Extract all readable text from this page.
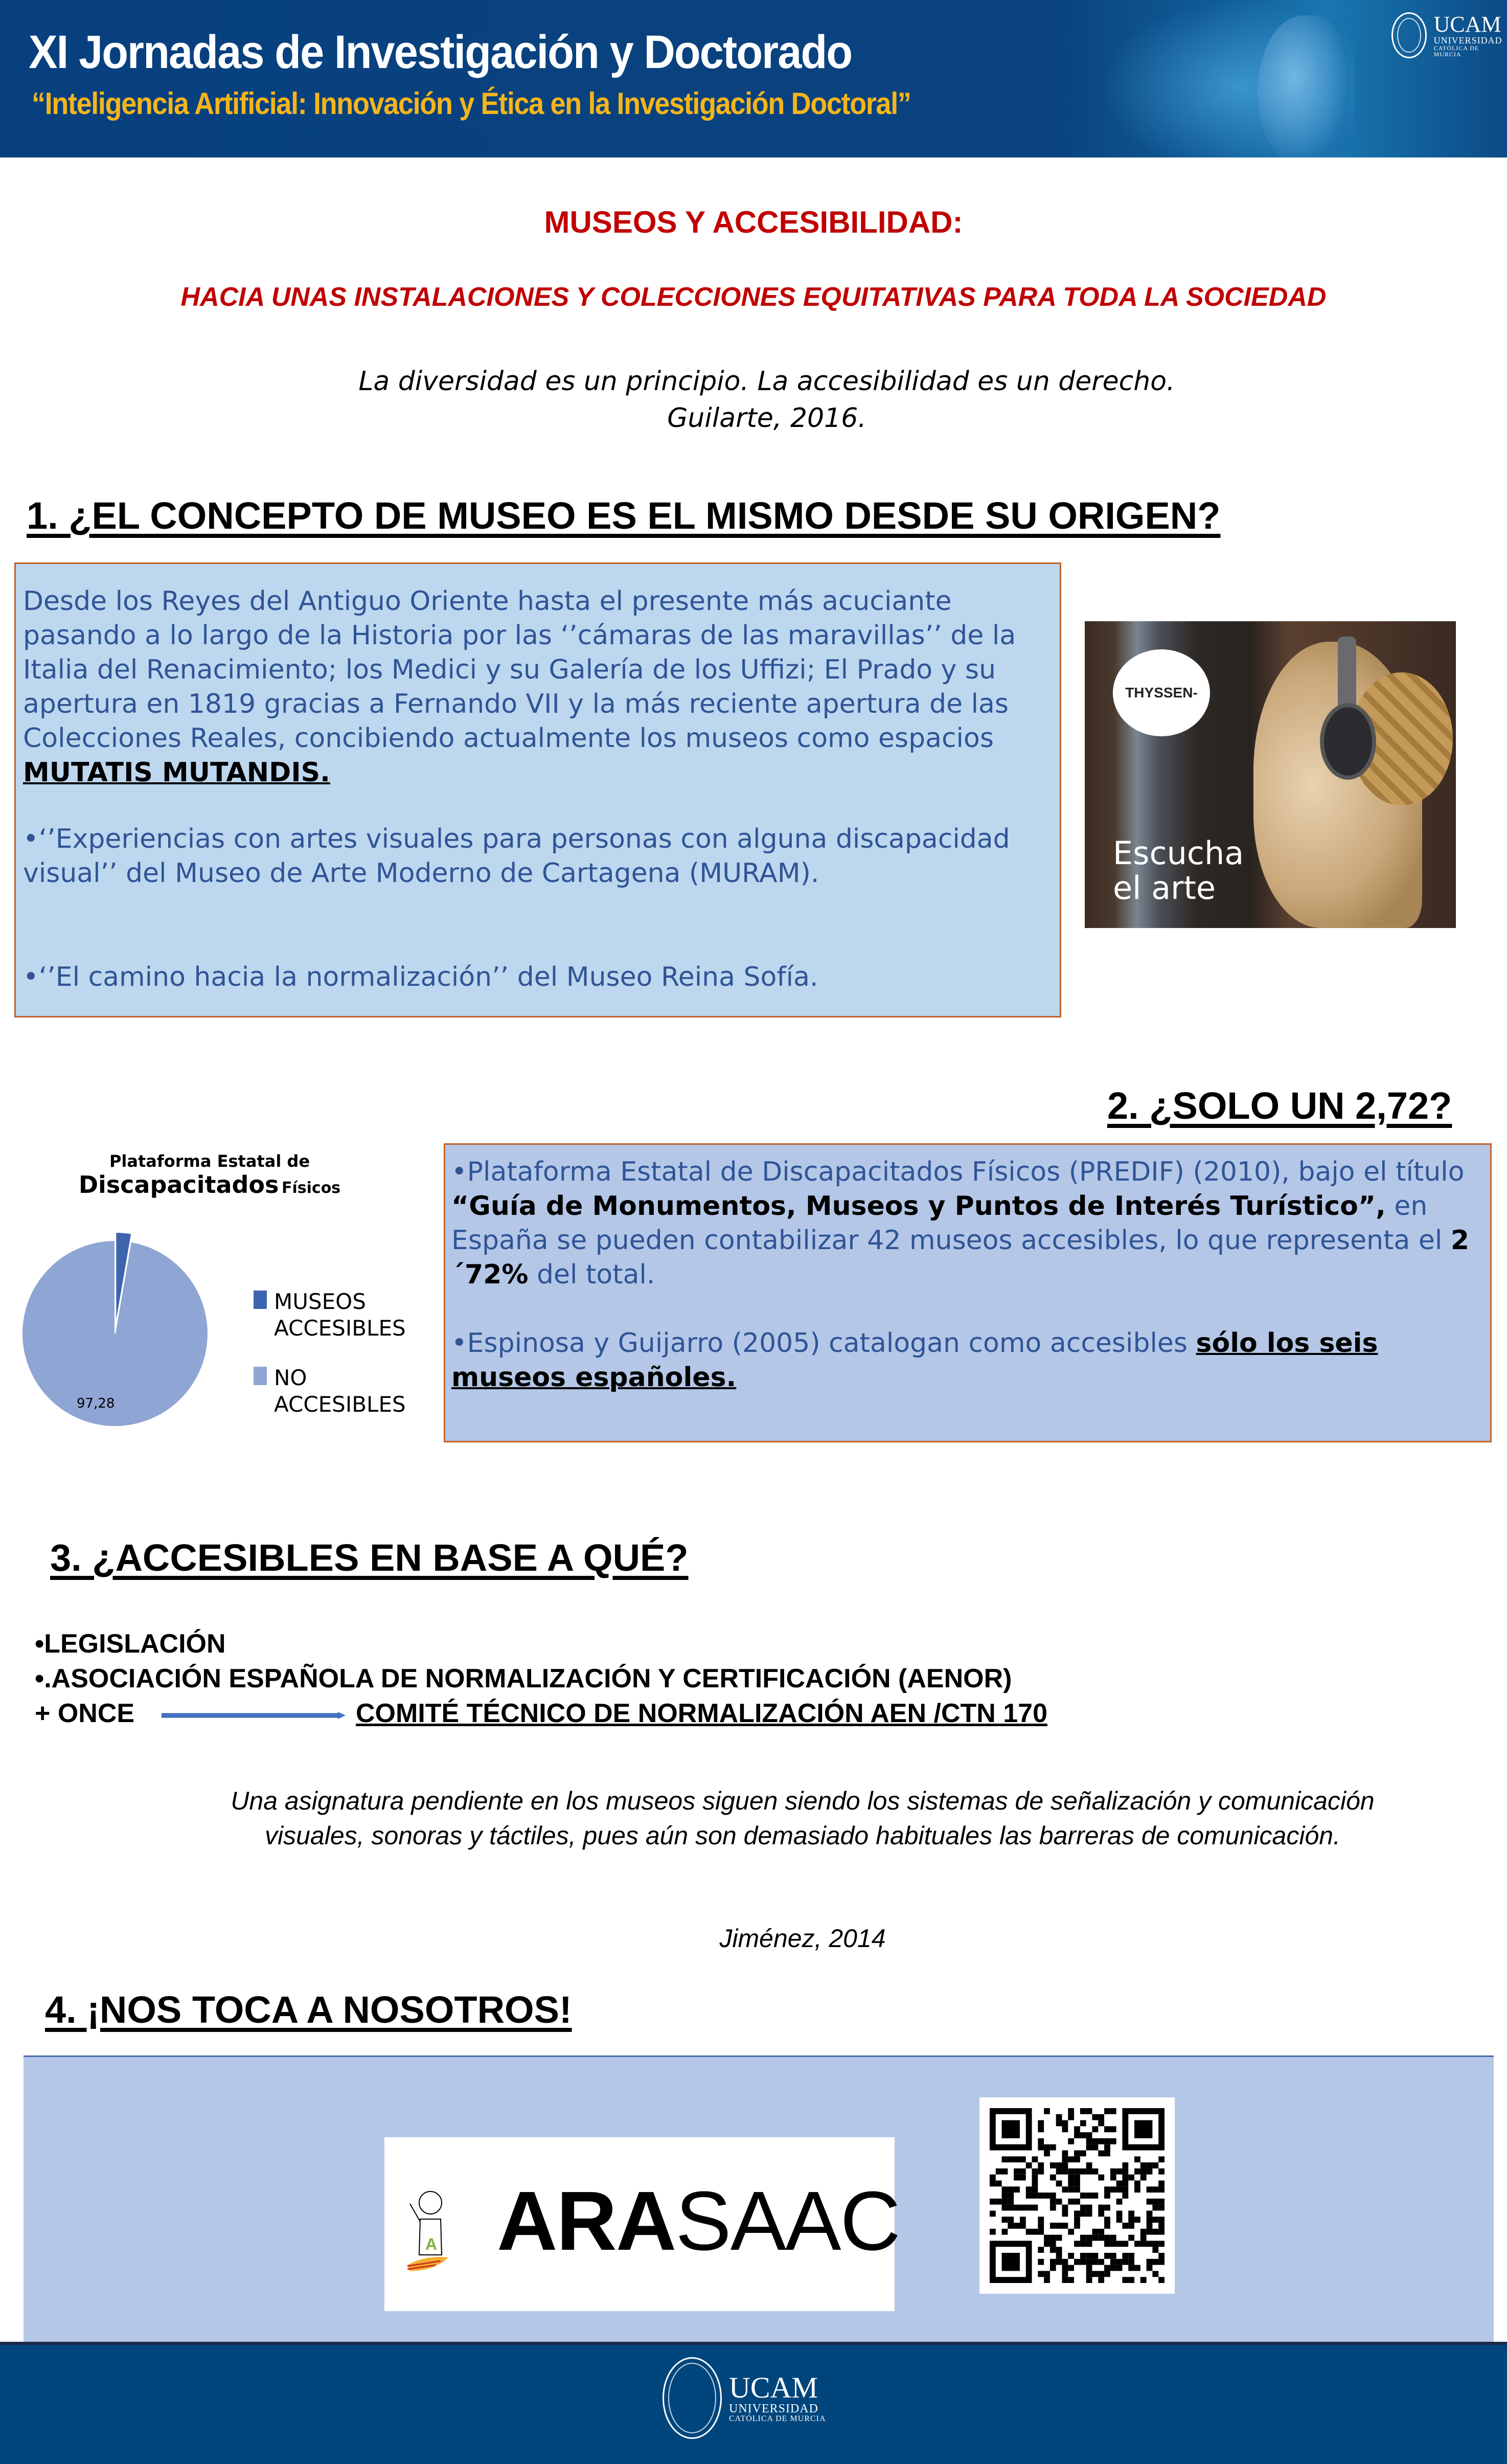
XI Jornadas de Investigación y Doctorado
“Inteligencia Artificial: Innovación y Ética en la Investigación Doctoral”
UCAM
UNIVERSIDAD
CATÓLICA DE MURCIA
MUSEOS Y ACCESIBILIDAD:
HACIA UNAS INSTALACIONES Y COLECCIONES EQUITATIVAS PARA TODA LA SOCIEDAD
La diversidad es un principio. La accesibilidad es un derecho.
Guilarte, 2016.
1. ¿EL CONCEPTO DE MUSEO ES EL MISMO DESDE SU ORIGEN?
Desde los Reyes del Antiguo Oriente hasta el presente más acuciante pasando a lo largo de la Historia por las ‘’cámaras de las maravillas’’ de la Italia del Renacimiento; los Medici y su Galería de los Uffizi; El Prado y su apertura en 1819 gracias a Fernando VII y la más reciente apertura de las Colecciones Reales, concibiendo actualmente los museos como espacios MUTATIS MUTANDIS.
•‘’Experiencias con artes visuales para personas con alguna discapacidad visual’’ del Museo de Arte Moderno de Cartagena (MURAM).
•‘’El camino hacia la normalización’’ del Museo Reina Sofía.
THYSSEN-
Escucha
el arte
Plataforma Estatal de
Discapacitados Físicos
97,28
MUSEOS ACCESIBLES
NO ACCESIBLES
2. ¿SOLO UN 2,72?
•Plataforma Estatal de Discapacitados Físicos (PREDIF) (2010), bajo el título “Guía de Monumentos, Museos y Puntos de Interés Turístico”, en España se pueden contabilizar 42 museos accesibles, lo que representa el 2´72% del total.
•Espinosa y Guijarro (2005) catalogan como accesibles sólo los seis museos españoles.
3. ¿ACCESIBLES EN BASE A QUÉ?
•LEGISLACIÓN
•.ASOCIACIÓN ESPAÑOLA DE NORMALIZACIÓN Y CERTIFICACIÓN (AENOR)
+ ONCE	COMITÉ TÉCNICO DE NORMALIZACIÓN AEN /CTN 170
Una asignatura pendiente en los museos siguen siendo los sistemas de señalización y comunicación visuales, sonoras y táctiles, pues aún son demasiado habituales las barreras de comunicación.
Jiménez, 2014
4. ¡NOS TOCA A NOSOTROS!
A ARASAAC
UCAM
UNIVERSIDAD
CATÓLICA DE MURCIA
